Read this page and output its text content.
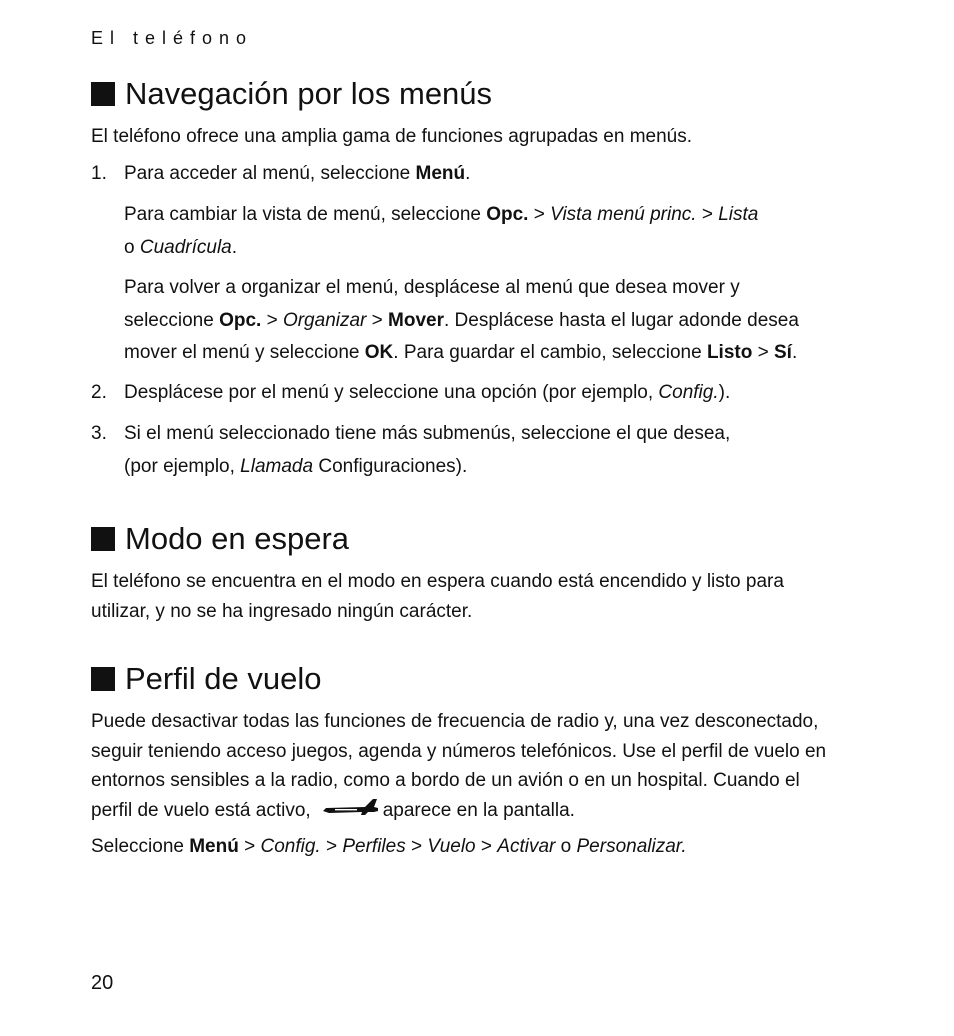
El teléfono
Navegación por los menús

El teléfono ofrece una amplia gama de funciones agrupadas en menús.

1. Para acceder al menú, seleccione Menú.

Para cambiar la vista de menú, seleccione Opc. > Vista menú princ. > Lista
o Cuadrícula.

Para volver a organizar el menú, desplácese al menú que desea mover y seleccione Opc. > Organizar > Mover. Desplácese hasta el lugar adonde desea mover el menú y seleccione OK. Para guardar el cambio, seleccione Listo > Sí.

2. Desplácese por el menú y seleccione una opción (por ejemplo, Config.).

3. Si el menú seleccionado tiene más submenús, seleccione el que desea,
(por ejemplo, Llamada Configuraciones).

Modo en espera

El teléfono se encuentra en el modo en espera cuando está encendido y listo para utilizar, y no se ha ingresado ningún carácter.

Perfil de vuelo

Puede desactivar todas las funciones de frecuencia de radio y, una vez desconectado, seguir teniendo acceso juegos, agenda y números telefónicos. Use el perfil de vuelo en entornos sensibles a la radio, como a bordo de un avión o en un hospital. Cuando el perfil de vuelo está activo,	aparece en la pantalla.

Seleccione Menú > Config. > Perfiles > Vuelo > Activar o Personalizar.

20
